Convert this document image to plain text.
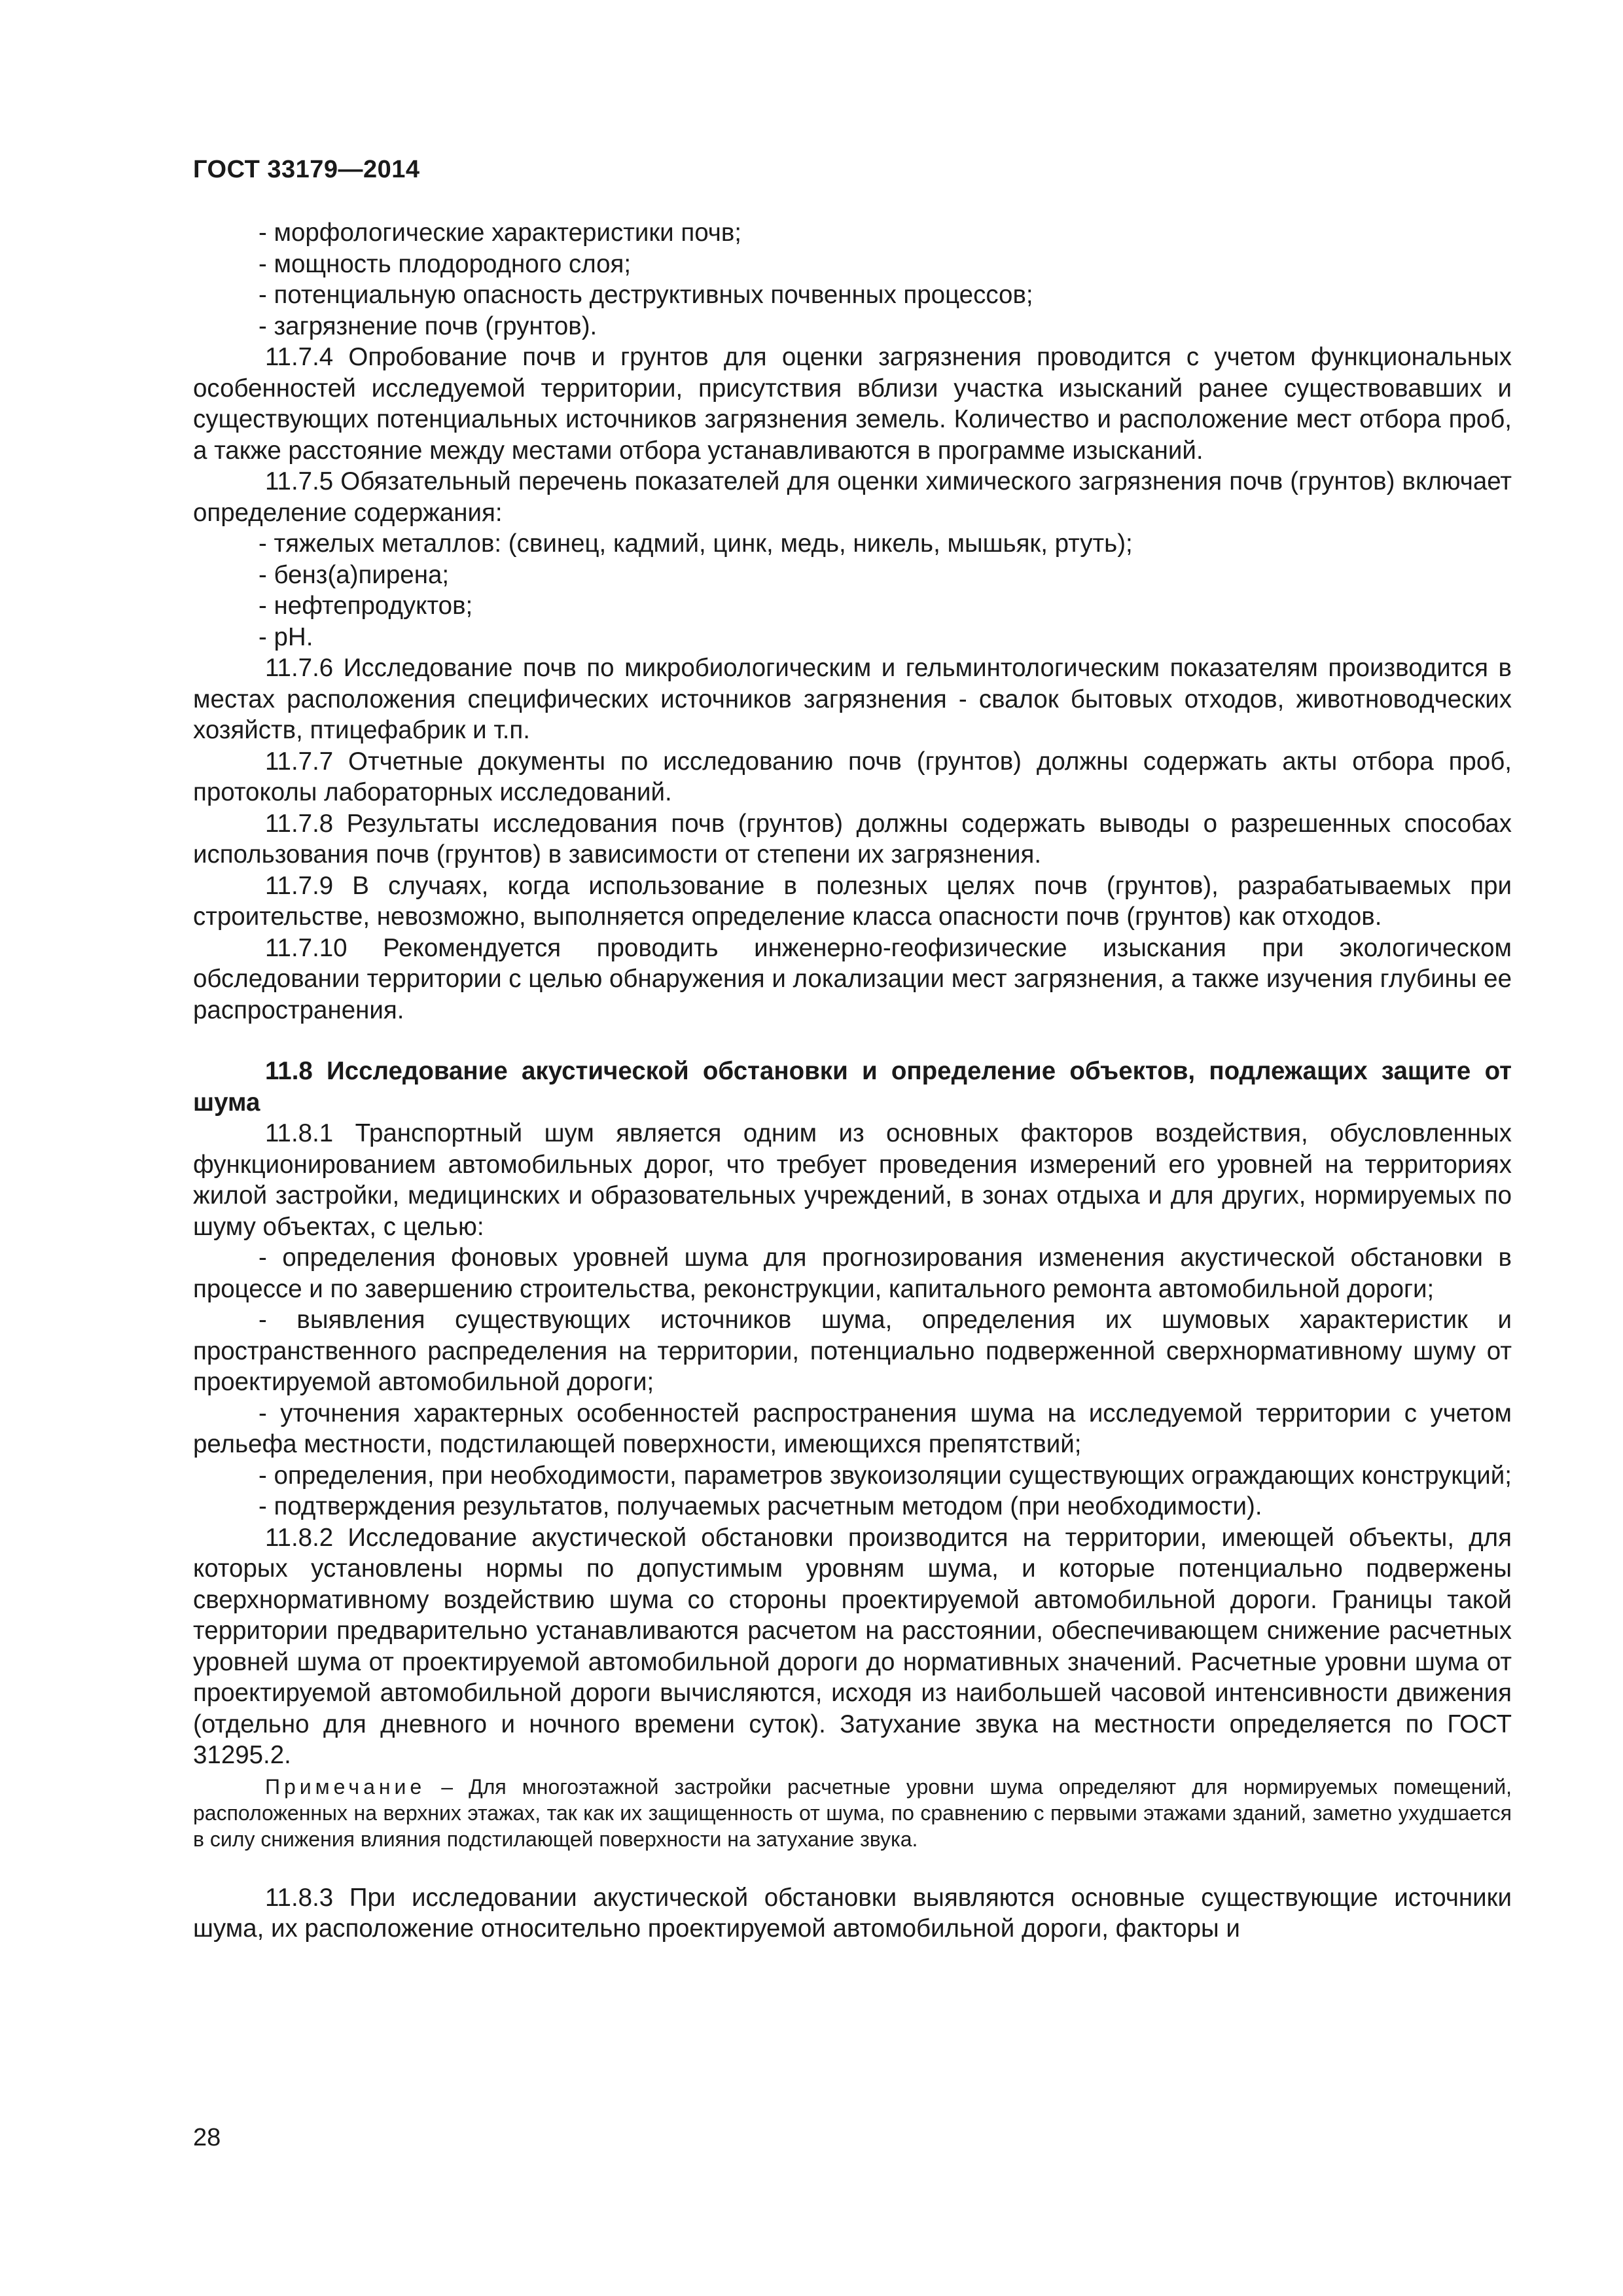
ГОСТ 33179—2014

- морфологические характеристики почв;

- мощность плодородного слоя;

- потенциальную опасность деструктивных почвенных процессов;

- загрязнение почв (грунтов).

11.7.4 Опробование почв и грунтов для оценки загрязнения проводится с учетом функциональных особенностей исследуемой территории, присутствия вблизи участка изысканий ранее существовавших и существующих потенциальных источников загрязнения земель. Количество и расположение мест отбора проб, а также расстояние между местами отбора устанавливаются в программе изысканий.

11.7.5 Обязательный перечень показателей для оценки химического загрязнения почв (грунтов) включает определение содержания:

- тяжелых металлов: (свинец, кадмий, цинк, медь, никель, мышьяк, ртуть);

- бенз(а)пирена;

- нефтепродуктов;

- pH.

11.7.6 Исследование почв по микробиологическим и гельминтологическим показателям производится в местах расположения специфических источников загрязнения - свалок бытовых отходов, животноводческих хозяйств, птицефабрик и т.п.

11.7.7 Отчетные документы по исследованию почв (грунтов) должны содержать акты отбора проб, протоколы лабораторных исследований.

11.7.8 Результаты исследования почв (грунтов) должны содержать выводы о разрешенных способах использования почв (грунтов) в зависимости от степени их загрязнения.

11.7.9 В случаях, когда использование в полезных целях почв (грунтов), разрабатываемых при строительстве, невозможно, выполняется определение класса опасности почв (грунтов) как отходов.

11.7.10 Рекомендуется проводить инженерно-геофизические изыскания при экологическом обследовании территории с целью обнаружения и локализации мест загрязнения, а также изучения глубины ее распространения.

11.8 Исследование акустической обстановки и определение объектов, подлежащих защите от шума

11.8.1 Транспортный шум является одним из основных факторов воздействия, обусловленных функционированием автомобильных дорог, что требует проведения измерений его уровней на территориях жилой застройки, медицинских и образовательных учреждений, в зонах отдыха и для других, нормируемых по шуму объектах, с целью:

- определения фоновых уровней шума для прогнозирования изменения акустической обстановки в процессе и по завершению строительства, реконструкции, капитального ремонта автомобильной дороги;

- выявления существующих источников шума, определения их шумовых характеристик и пространственного распределения на территории, потенциально подверженной сверхнормативному шуму от проектируемой автомобильной дороги;

- уточнения характерных особенностей распространения шума на исследуемой территории с учетом рельефа местности, подстилающей поверхности, имеющихся препятствий;

- определения, при необходимости, параметров звукоизоляции существующих ограждающих конструкций;

- подтверждения результатов, получаемых расчетным методом (при необходимости).

11.8.2 Исследование акустической обстановки производится на территории, имеющей объекты, для которых установлены нормы по допустимым уровням шума, и которые потенциально подвержены сверхнормативному воздействию шума со стороны проектируемой автомобильной дороги. Границы такой территории предварительно устанавливаются расчетом на расстоянии, обеспечивающем снижение расчетных уровней шума от проектируемой автомобильной дороги до нормативных значений. Расчетные уровни шума от проектируемой автомобильной дороги вычисляются, исходя из наибольшей часовой интенсивности движения (отдельно для дневного и ночного времени суток). Затухание звука на местности определяется по ГОСТ 31295.2.

Примечание – Для многоэтажной застройки расчетные уровни шума определяют для нормируемых помещений, расположенных на верхних этажах, так как их защищенность от шума, по сравнению с первыми этажами зданий, заметно ухудшается в силу снижения влияния подстилающей поверхности на затухание звука.

11.8.3 При исследовании акустической обстановки выявляются основные существующие источники шума, их расположение относительно проектируемой автомобильной дороги, факторы и

28
